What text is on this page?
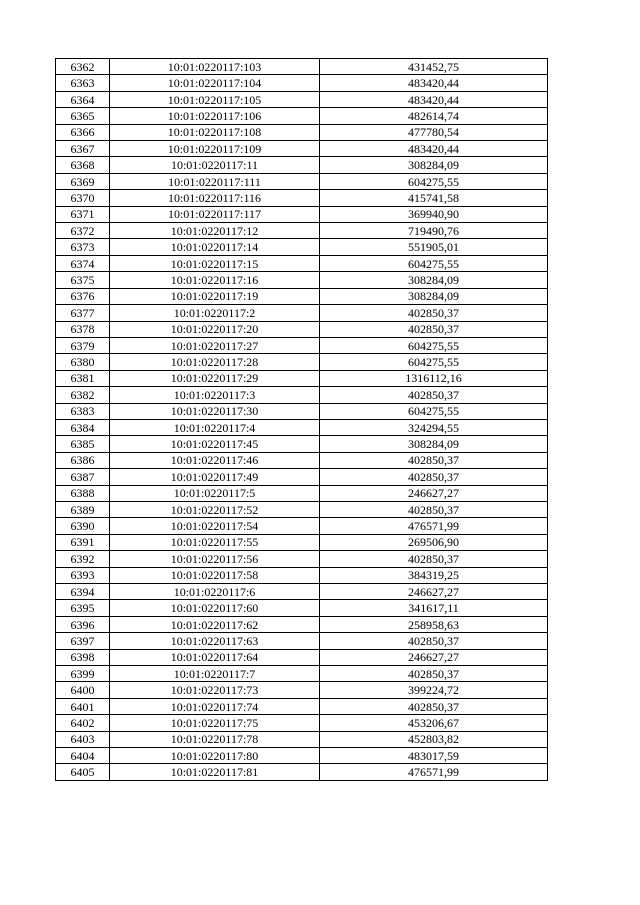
6362	10:01:0220117:103	431452,75
6363	10:01:0220117:104	483420,44
6364	10:01:0220117:105	483420,44
6365	10:01:0220117:106	482614,74
6366	10:01:0220117:108	477780,54
6367	10:01:0220117:109	483420,44
6368	10:01:0220117:11	308284,09
6369	10:01:0220117:111	604275,55
6370	10:01:0220117:116	415741,58
6371	10:01:0220117:117	369940,90
6372	10:01:0220117:12	719490,76
6373	10:01:0220117:14	551905,01
6374	10:01:0220117:15	604275,55
6375	10:01:0220117:16	308284,09
6376	10:01:0220117:19	308284,09
6377	10:01:0220117:2	402850,37
6378	10:01:0220117:20	402850,37
6379	10:01:0220117:27	604275,55
6380	10:01:0220117:28	604275,55
6381	10:01:0220117:29	1316112,16
6382	10:01:0220117:3	402850,37
6383	10:01:0220117:30	604275,55
6384	10:01:0220117:4	324294,55
6385	10:01:0220117:45	308284,09
6386	10:01:0220117:46	402850,37
6387	10:01:0220117:49	402850,37
6388	10:01:0220117:5	246627,27
6389	10:01:0220117:52	402850,37
6390	10:01:0220117:54	476571,99
6391	10:01:0220117:55	269506,90
6392	10:01:0220117:56	402850,37
6393	10:01:0220117:58	384319,25
6394	10:01:0220117:6	246627,27
6395	10:01:0220117:60	341617,11
6396	10:01:0220117:62	258958,63
6397	10:01:0220117:63	402850,37
6398	10:01:0220117:64	246627,27
6399	10:01:0220117:7	402850,37
6400	10:01:0220117:73	399224,72
6401	10:01:0220117:74	402850,37
6402	10:01:0220117:75	453206,67
6403	10:01:0220117:78	452803,82
6404	10:01:0220117:80	483017,59
6405	10:01:0220117:81	476571,99
